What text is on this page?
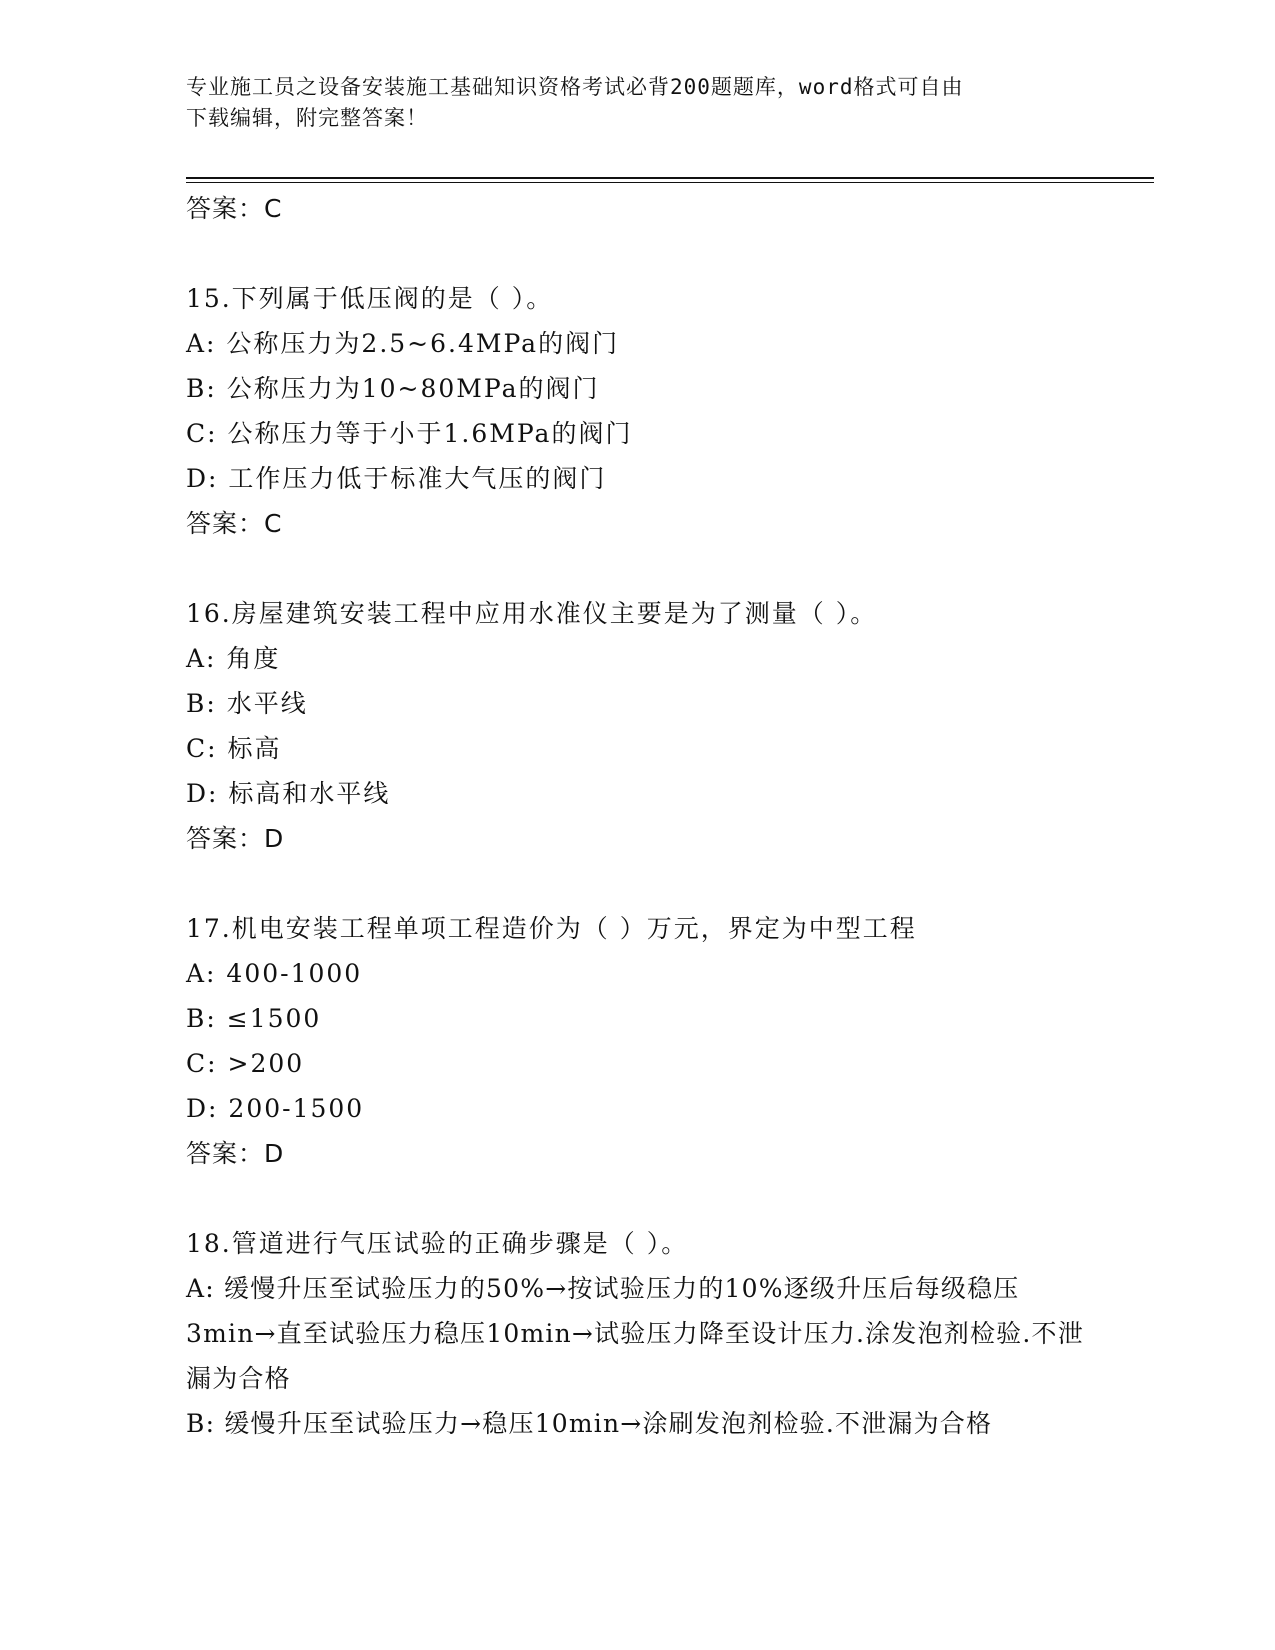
专业施工员之设备安装施工基础知识资格考试必背200题题库，word格式可自由
下载编辑，附完整答案！
答案：C
15.下列属于低压阀的是（ ）。
A: 公称压力为2.5~6.4MPa的阀门
B: 公称压力为10~80MPa的阀门
C: 公称压力等于小于1.6MPa的阀门
D: 工作压力低于标准大气压的阀门
答案：C
16.房屋建筑安装工程中应用水准仪主要是为了测量（ ）。
A: 角度
B: 水平线
C: 标高
D: 标高和水平线
答案：D
17.机电安装工程单项工程造价为（ ）万元，界定为中型工程
A: 400-1000
B: ≤1500
C: >200
D: 200-1500
答案：D
18.管道进行气压试验的正确步骤是（ ）。
A: 缓慢升压至试验压力的50%→按试验压力的10%逐级升压后每级稳压3min→直至试验压力稳压10min→试验压力降至设计压力.涂发泡剂检验.不泄漏为合格
B: 缓慢升压至试验压力→稳压10min→涂刷发泡剂检验.不泄漏为合格
